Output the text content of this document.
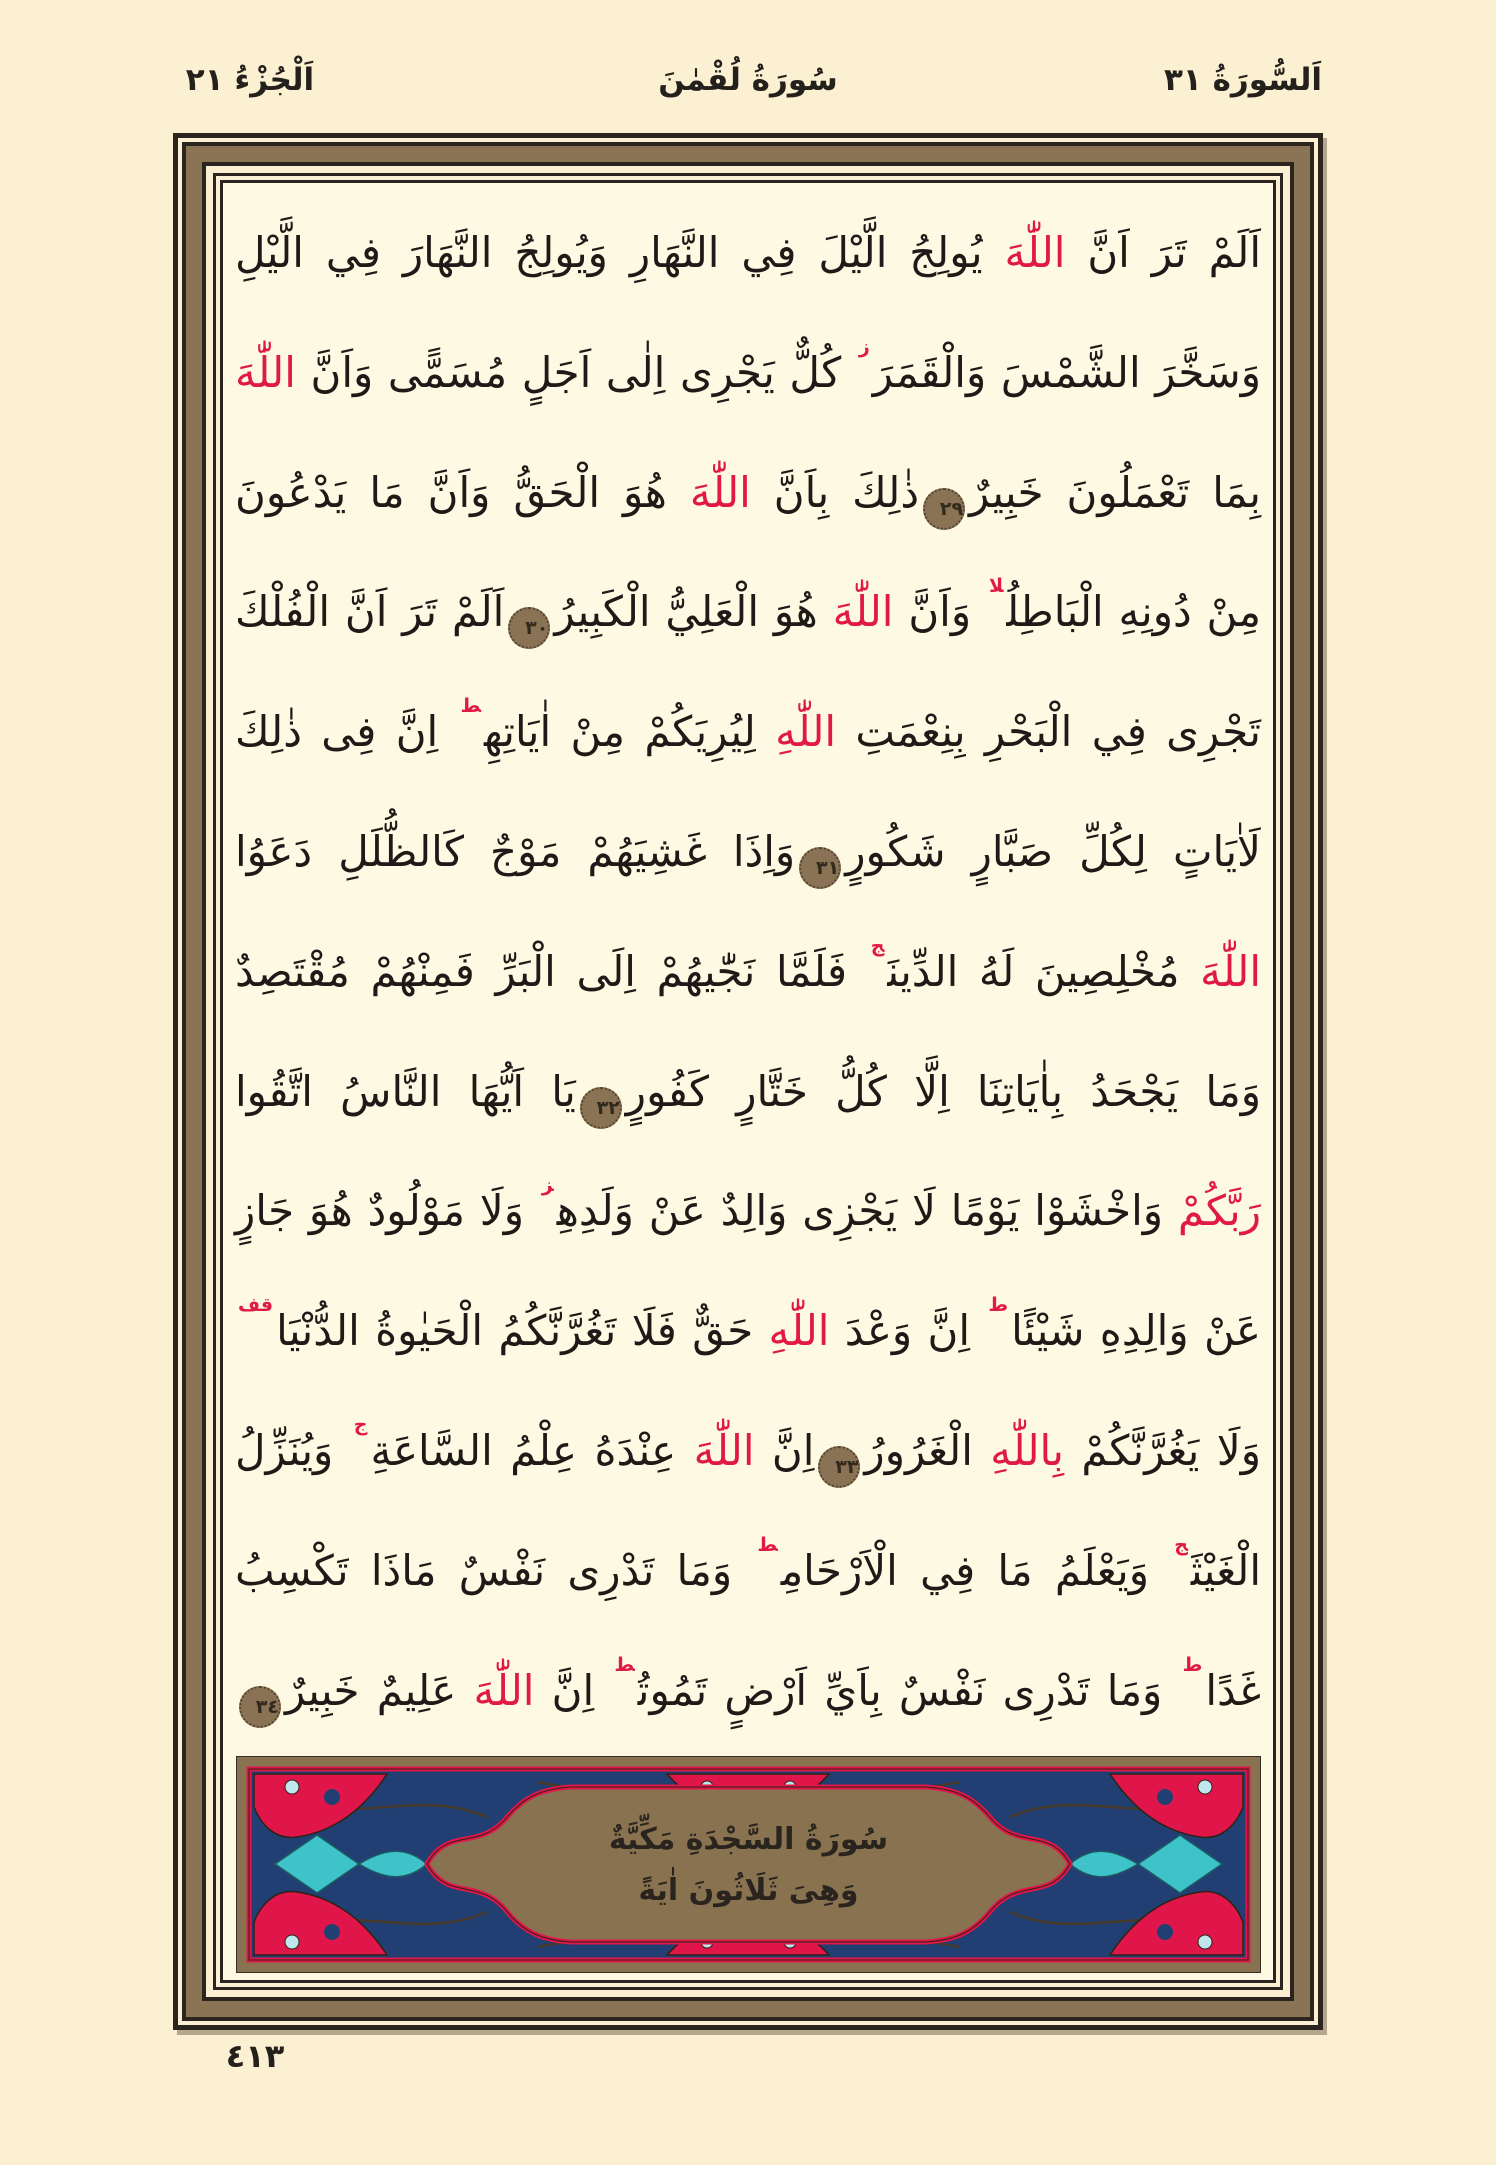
اَلسُّورَةُ ٣١
سُورَةُ لُقْمٰنَ
اَلْجُزْءُ ٢١
اَلَمْ تَرَ اَنَّ اللّٰهَ يُولِجُ الَّيْلَ فِي النَّهَارِ وَيُولِجُ النَّهَارَ فِي الَّيْلِ
وَسَخَّرَ الشَّمْسَ وَالْقَمَرَ$^ز$ كُلٌّ يَجْرِى اِلٰى اَجَلٍ مُسَمًّى وَاَنَّ اللّٰهَ
بِمَا تَعْمَلُونَ خَبِيرٌ٢٩ذٰلِكَ بِاَنَّ اللّٰهَ هُوَ الْحَقُّ وَاَنَّ مَا يَدْعُونَ
مِنْ دُونِهِ الْبَاطِلُ$^{لا}$ وَاَنَّ اللّٰهَ هُوَ الْعَلِيُّ الْكَبِيرُ٣٠اَلَمْ تَرَ اَنَّ الْفُلْكَ
تَجْرِى فِي الْبَحْرِ بِنِعْمَتِ اللّٰهِ لِيُرِيَكُمْ مِنْ اٰيَاتِهِ$^ط$ اِنَّ فِى ذٰلِكَ
لَاٰيَاتٍ لِكُلِّ صَبَّارٍ شَكُورٍ٣١وَاِذَا غَشِيَهُمْ مَوْجٌ كَالظُّلَلِ دَعَوُا
اللّٰهَ مُخْلِصِينَ لَهُ الدِّينَ$^ج$ فَلَمَّا نَجّٰيهُمْ اِلَى الْبَرِّ فَمِنْهُمْ مُقْتَصِدٌ
وَمَا يَجْحَدُ بِاٰيَاتِنَا اِلَّا كُلُّ خَتَّارٍ كَفُورٍ٣٢يَا اَيُّهَا النَّاسُ اتَّقُوا
رَبَّكُمْ وَاخْشَوْا يَوْمًا لَا يَجْزِى وَالِدٌ عَنْ وَلَدِهِ$^ز$ وَلَا مَوْلُودٌ هُوَ جَازٍ
عَنْ وَالِدِهِ شَيْئًا$^ط$ اِنَّ وَعْدَ اللّٰهِ حَقٌّ فَلَا تَغُرَّنَّكُمُ الْحَيٰوةُ الدُّنْيَا$^{قف}$
وَلَا يَغُرَّنَّكُمْ بِاللّٰهِ الْغَرُورُ٣٣اِنَّ اللّٰهَ عِنْدَهُ عِلْمُ السَّاعَةِ$^ج$ وَيُنَزِّلُ
الْغَيْثَ$^ج$ وَيَعْلَمُ مَا فِي الْاَرْحَامِ$^ط$ وَمَا تَدْرِى نَفْسٌ مَاذَا تَكْسِبُ
غَدًا$^ط$ وَمَا تَدْرِى نَفْسٌ بِاَيِّ اَرْضٍ تَمُوتُ$^ط$ اِنَّ اللّٰهَ عَلِيمٌ خَبِيرٌ٣٤
سُورَةُ السَّجْدَةِ مَكِّيَّةٌ
وَهِىَ ثَلَاثُونَ اٰيَةً
٤١٣
